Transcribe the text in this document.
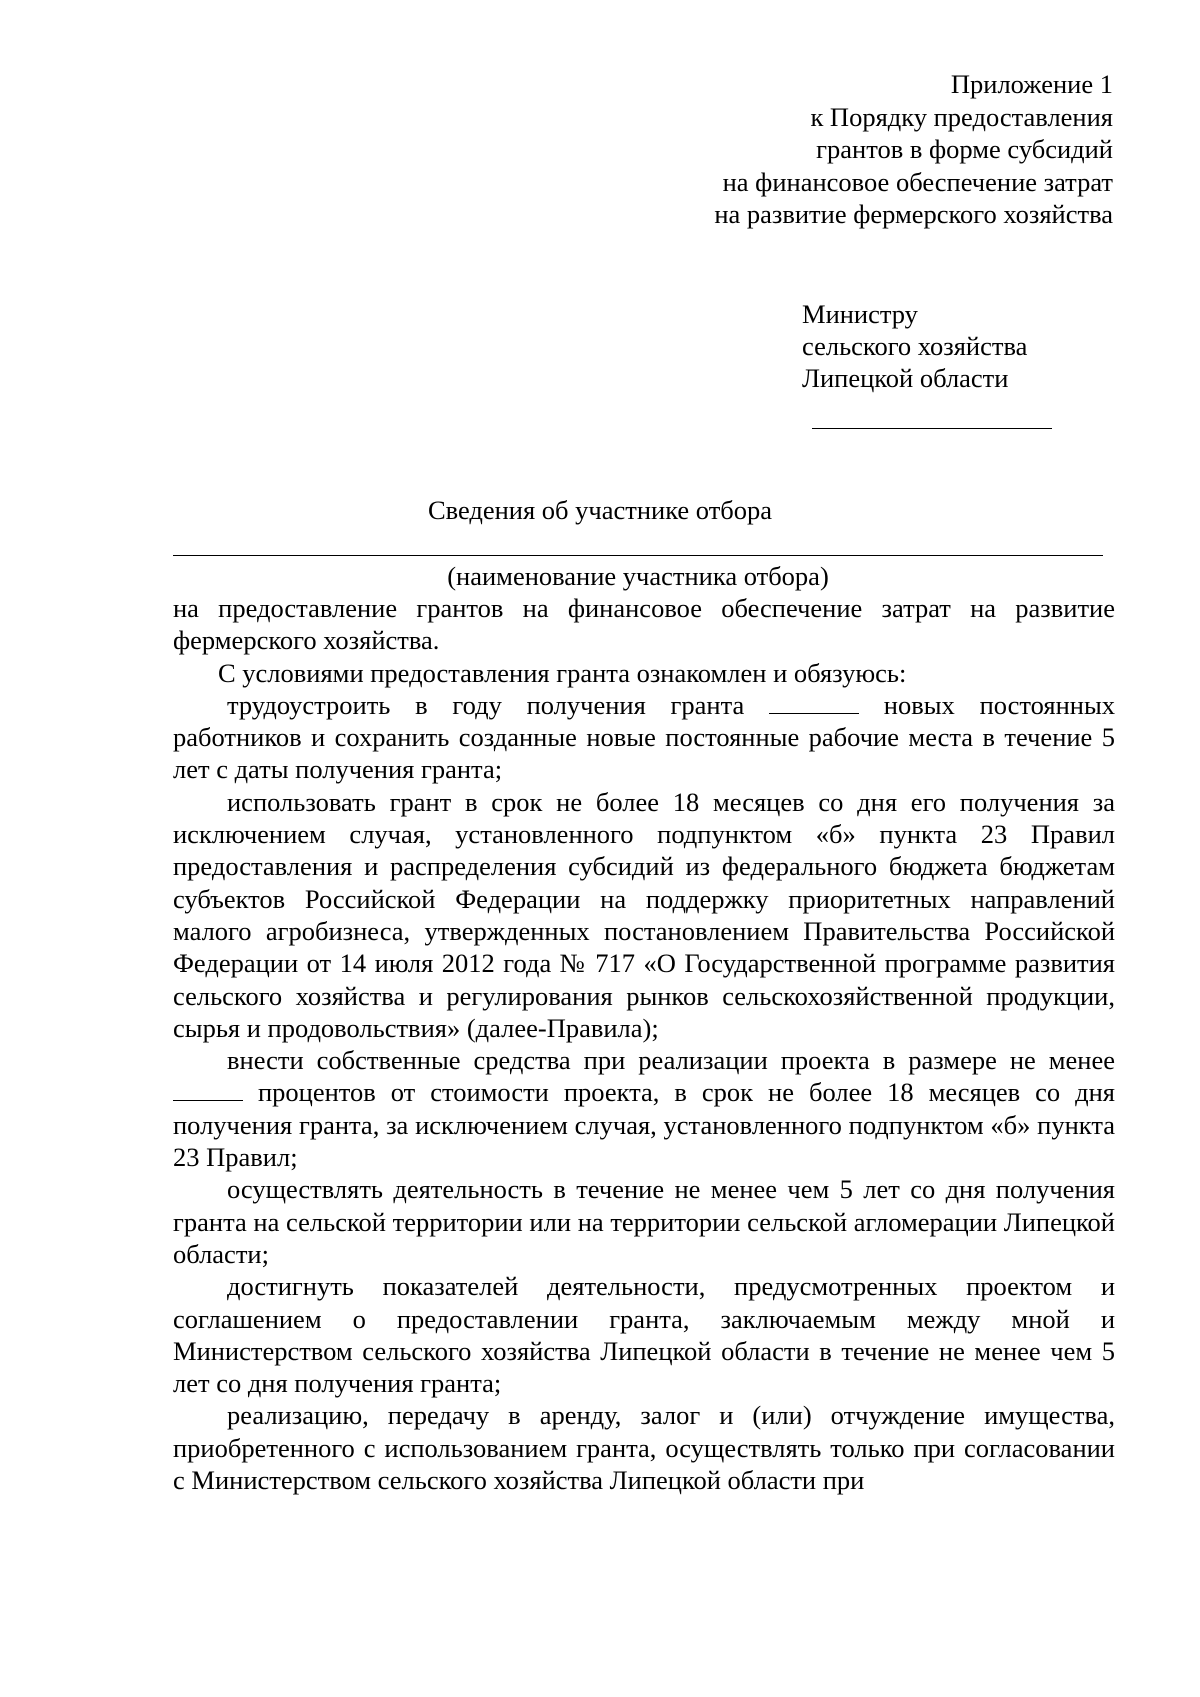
Приложение 1
к Порядку предоставления
грантов в форме субсидий
на финансовое обеспечение затрат
на развитие фермерского хозяйства
Министру
сельского хозяйства
Липецкой области
Сведения об участнике отбора
(наименование участника отбора)

на предоставление грантов на финансовое обеспечение затрат на развитие фермерского хозяйства.

С условиями предоставления гранта ознакомлен и обязуюсь:

трудоустроить в году получения гранта	новых постоянных работников и сохранить созданные новые постоянные рабочие места в течение 5 лет с даты получения гранта;

использовать грант в срок не более 18 месяцев со дня его получения за исключением случая, установленного подпунктом «б» пункта 23 Правил предоставления и распределения субсидий из федерального бюджета бюджетам субъектов Российской Федерации на поддержку приоритетных направлений малого агробизнеса, утвержденных постановлением Правительства Российской Федерации от 14 июля 2012 года № 717 «О Государственной программе развития сельского хозяйства и регулирования рынков сельскохозяйственной продукции, сырья и продовольствия» (далее-Правила);

внести собственные средства при реализации проекта в размере не менее  процентов от стоимости проекта, в срок не более 18 месяцев со дня получения гранта, за исключением случая, установленного подпунктом «б» пункта 23 Правил;

осуществлять деятельность в течение не менее чем 5 лет со дня получения гранта на сельской территории или на территории сельской агломерации Липецкой области;

достигнуть показателей деятельности, предусмотренных проектом и соглашением о предоставлении гранта, заключаемым между мной и Министерством сельского хозяйства Липецкой области в течение не менее чем 5 лет со дня получения гранта;

реализацию, передачу в аренду, залог и (или) отчуждение имущества, приобретенного с использованием гранта, осуществлять только при согласовании с Министерством сельского хозяйства Липецкой области при
